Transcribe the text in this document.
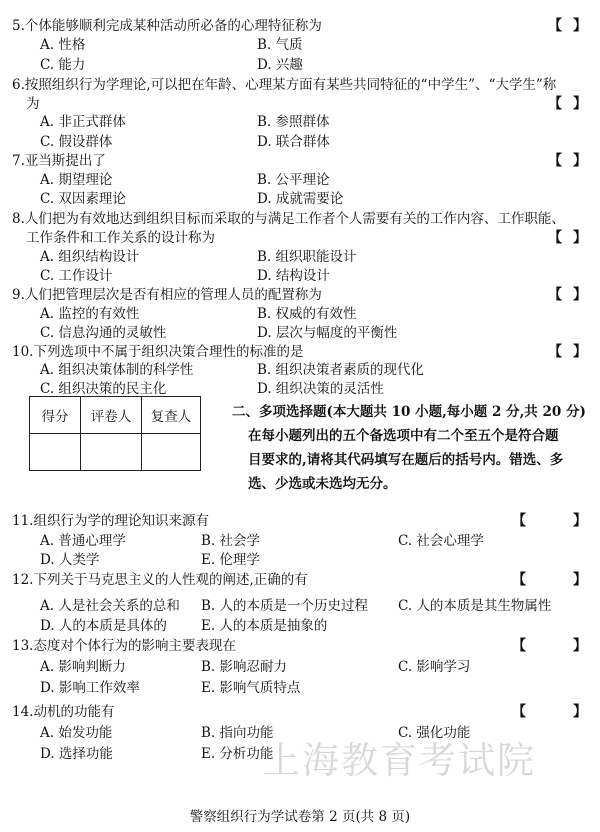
5.个体能够顺利完成某种活动所必备的心理特征称为	【 】
A. 性格	B. 气质
C. 能力	D. 兴趣
6.按照组织行为学理论,可以把在年龄、心理某方面有某些共同特征的“中学生”、“大学生”称
为	【 】
A. 非正式群体	B. 参照群体
C. 假设群体	D. 联合群体
7.亚当斯提出了	【 】
A. 期望理论	B. 公平理论
C. 双因素理论	D. 成就需要论
8.人们把为有效地达到组织目标而采取的与满足工作者个人需要有关的工作内容、工作职能、
工作条件和工作关系的设计称为	【 】
A. 组织结构设计	B. 组织职能设计
C. 工作设计	D. 结构设计
9.人们把管理层次是否有相应的管理人员的配置称为	【 】
A. 监控的有效性	B. 权威的有效性
C. 信息沟通的灵敏性	D. 层次与幅度的平衡性
10.下列选项中不属于组织决策合理性的标准的是	【 】
A. 组织决策体制的科学性	B. 组织决策者素质的现代化
C. 组织决策的民主化	D. 组织决策的灵活性
得分	评卷人	复查人
			二、多项选择题(本大题共 10 小题,每小题 2 分,共 20 分)
在每小题列出的五个备选项中有二个至五个是符合题
目要求的,请将其代码填写在题后的括号内。错选、多
选、少选或未选均无分。
11.组织行为学的理论知识来源有	【	】
A. 普通心理学	B. 社会学	C. 社会心理学
D. 人类学	E. 伦理学
12.下列关于马克思主义的人性观的阐述,正确的有	【	】
A. 人是社会关系的总和 B. 人的本质是一个历史过程 C. 人的本质是其生物属性
D. 人的本质是具体的	E. 人的本质是抽象的
13.态度对个体行为的影响主要表现在	【	】
A. 影响判断力	B. 影响忍耐力	C. 影响学习
D. 影响工作效率	E. 影响气质特点
14.动机的功能有	【	】
上海教育考试院
A. 始发功能	B. 指向功能	C. 强化功能
D. 选择功能	E. 分析功能
警察组织行为学试卷第 2 页(共 8 页)
